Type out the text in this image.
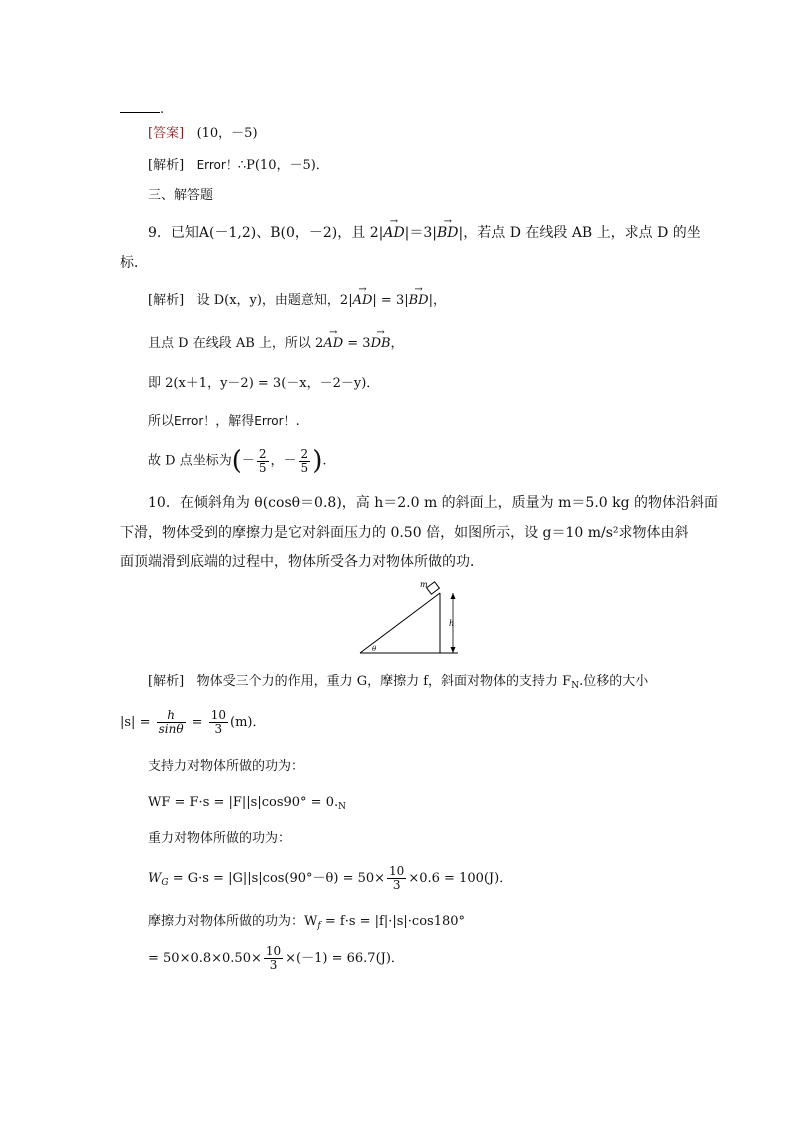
.
[答案] (10，－5)
[解析] Error！∴P(10，－5)．
三、解答题
9．已知A(－1,2)、B(0，－2)，且 2|→ AD|＝3|→ BD|，若点 D 在线段 AB 上，求点 D 的坐
标．
[解析] 设 D(x，y)，由题意知，2|→ AD| = 3|→ BD|，
且点 D 在线段 AB 上，所以 2→ AD = 3→ DB，
即 2(x＋1，y－2) = 3(－x，－2－y)．
所以Error！，解得Error！.
故 D 点坐标为(－ $\frac{2}{5}$ ，－ $\frac{2}{5}$ ).
10．在倾斜角为 θ(cosθ＝0.8)，高 h＝2.0 m 的斜面上，质量为 m＝5.0 kg 的物体沿斜面
下滑，物体受到的摩擦力是它对斜面压力的 0.50 倍，如图所示，设 g＝10 m/s²求物体由斜
面顶端滑到底端的过程中，物体所受各力对物体所做的功．
m
h
θ
[解析] 物体受三个力的作用，重力 G，摩擦力 f，斜面对物体的支持力 $F_N$.位移的大小
$|s| = \frac{h}{\sin\theta} = \frac{10}{3} (m)$．
支持力对物体所做的功为：
WF = $F\cdot s = |F||s|\cos 90^\circ = 0._N$
重力对物体所做的功为：
$W_G = G\cdot s = |G||s|\cos(90^\circ-\theta) = 50\times \frac{10}{3} \times 0.6 = 100(J)$．
摩擦力对物体所做的功为：$W_f = f\cdot s = |f|\cdot|s|\cdot\cos 180^\circ$
= $50\times 0.8\times 0.50\times \frac{10}{3} \times(-1) = 66.7(J)$．
